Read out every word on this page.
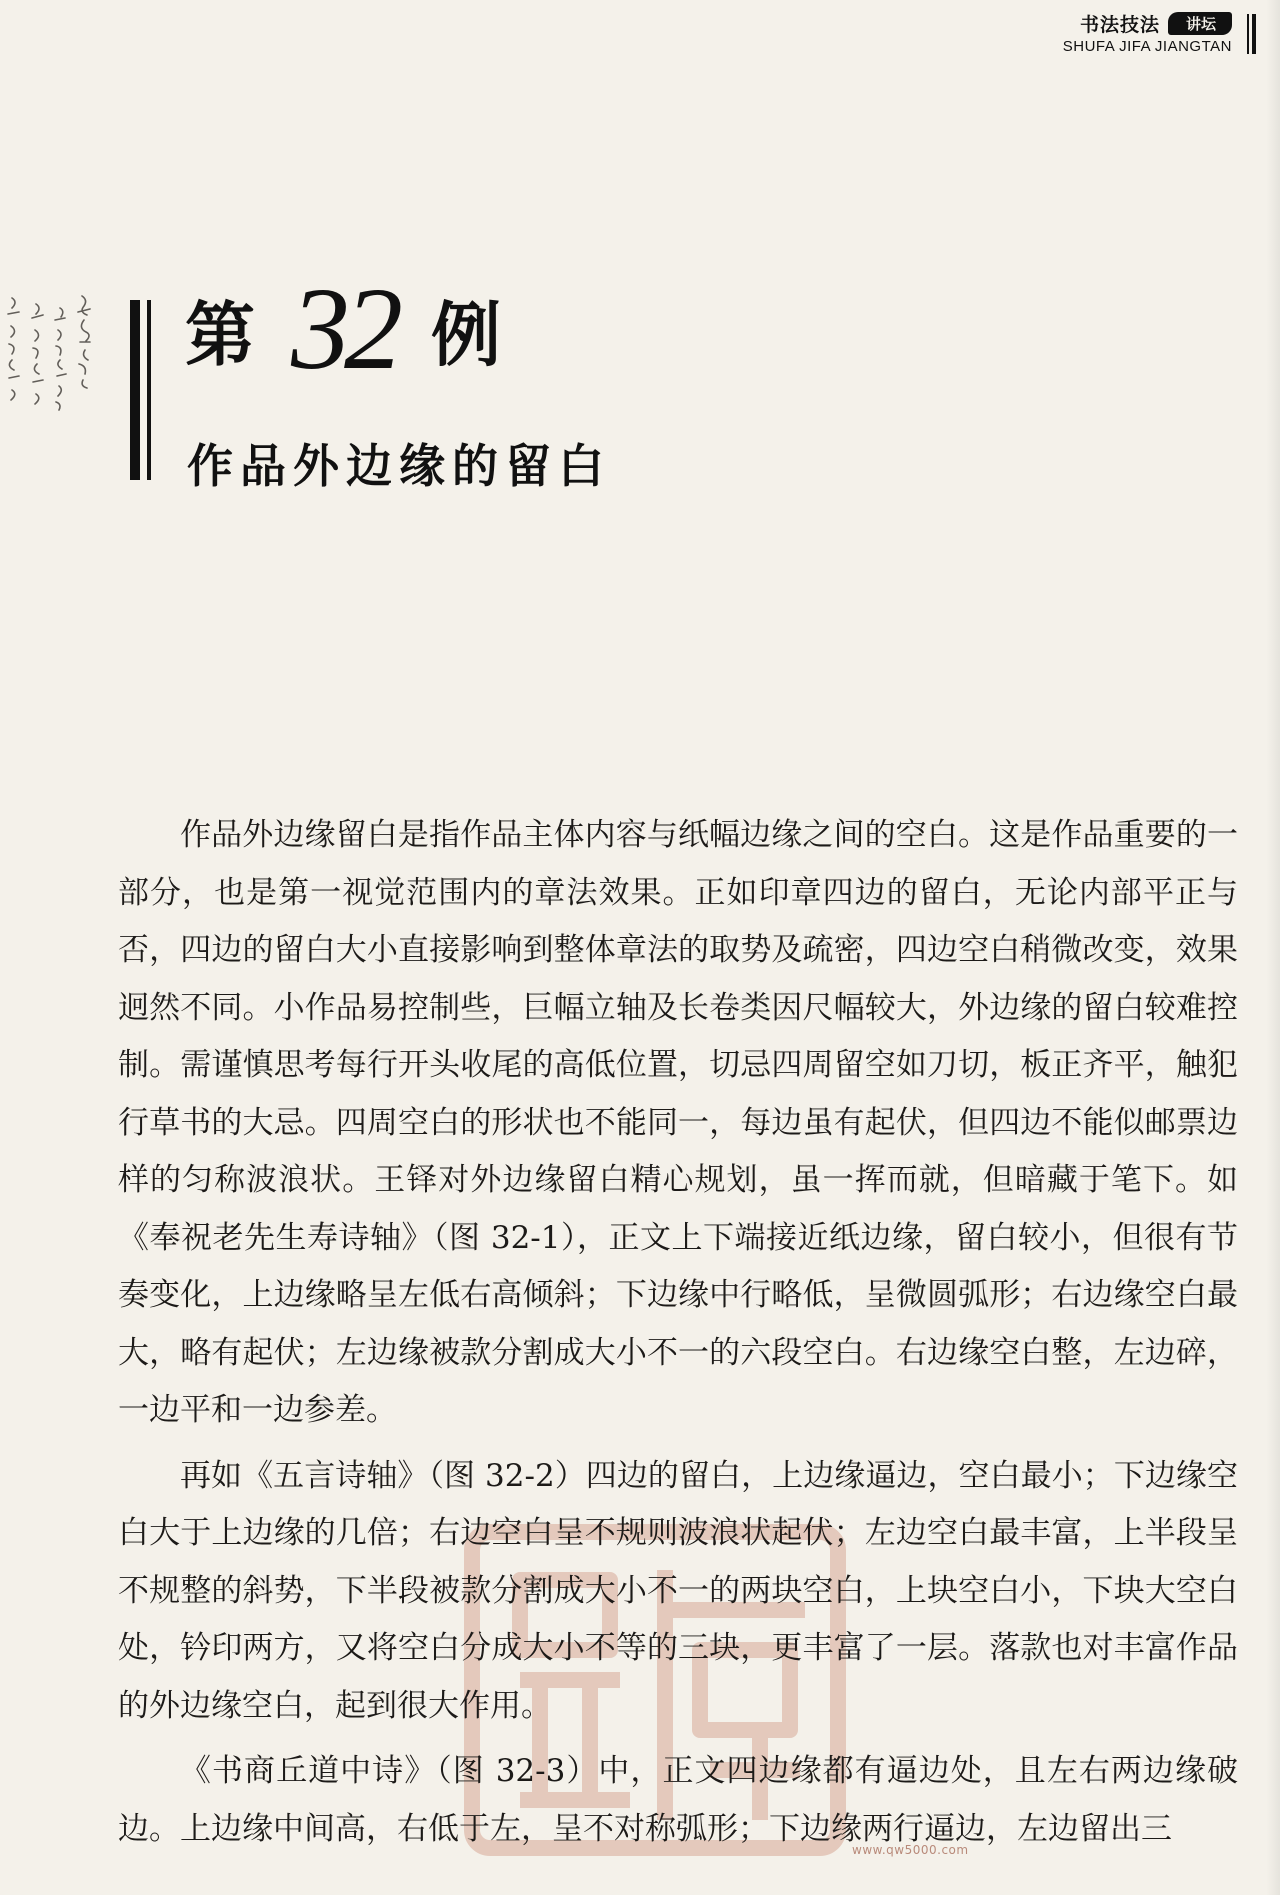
书法技法	讲坛
SHUFA JIFA JIANGTAN
第 32 例
作品外边缘的留白
www.qw5000.com

作品外边缘留白是指作品主体内容与纸幅边缘之间的空白。这是作品重要的一部分，也是第一视觉范围内的章法效果。正如印章四边的留白，无论内部平正与否，四边的留白大小直接影响到整体章法的取势及疏密，四边空白稍微改变，效果迥然不同。小作品易控制些，巨幅立轴及长卷类因尺幅较大，外边缘的留白较难控制。需谨慎思考每行开头收尾的高低位置，切忌四周留空如刀切，板正齐平，触犯行草书的大忌。四周空白的形状也不能同一，每边虽有起伏，但四边不能似邮票边样的匀称波浪状。王铎对外边缘留白精心规划，虽一挥而就，但暗藏于笔下。如《奉祝老先生寿诗轴》（图 32-1），正文上下端接近纸边缘，留白较小，但很有节奏变化，上边缘略呈左低右高倾斜；下边缘中行略低，呈微圆弧形；右边缘空白最大，略有起伏；左边缘被款分割成大小不一的六段空白。右边缘空白整，左边碎，一边平和一边参差。

再如《五言诗轴》（图 32-2）四边的留白，上边缘逼边，空白最小；下边缘空白大于上边缘的几倍；右边空白呈不规则波浪状起伏；左边空白最丰富，上半段呈不规整的斜势，下半段被款分割成大小不一的两块空白，上块空白小，下块大空白处，钤印两方，又将空白分成大小不等的三块，更丰富了一层。落款也对丰富作品的外边缘空白，起到很大作用。

《书商丘道中诗》（图 32-3）中，正文四边缘都有逼边处，且左右两边缘破边。上边缘中间高，右低于左，呈不对称弧形；下边缘两行逼边，左边留出三
